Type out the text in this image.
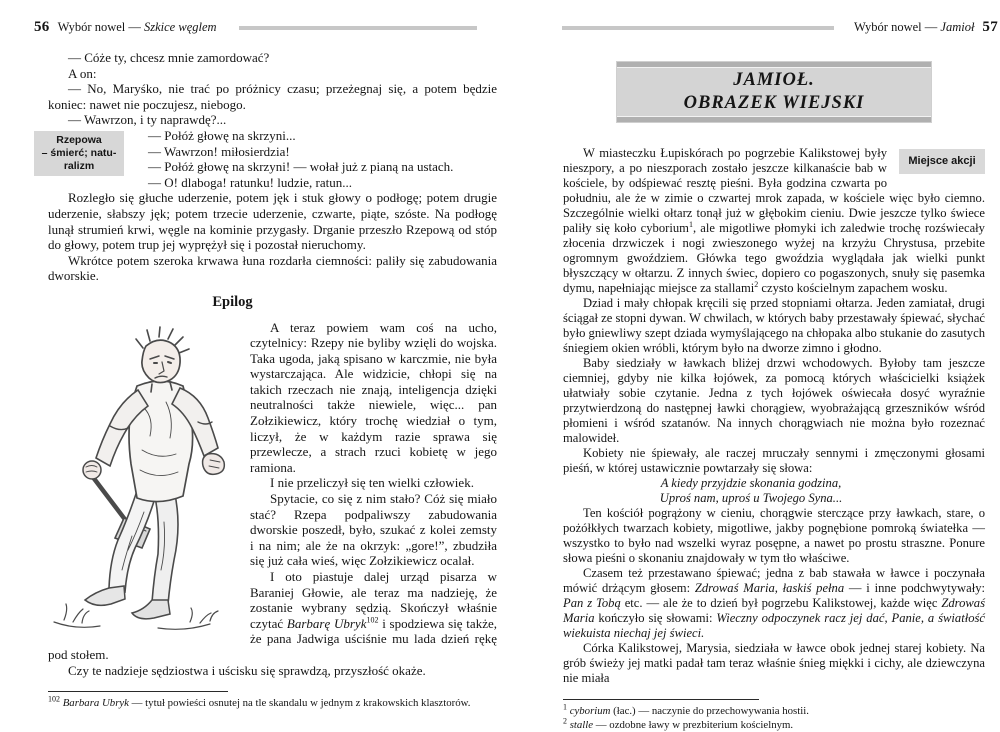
56 Wybór nowel — Szkice węglem
Rzepowa
– śmierć; natu-
ralizm

— Cóże ty, chcesz mnie zamordować?

A on:

— No, Maryśko, nie trać po próżnicy czasu; przeżegnaj się, a potem będzie koniec: nawet nie poczujesz, niebogo.

— Wawrzon, i ty naprawdę?...

— Połóż głowę na skrzyni...

— Wawrzon! miłosierdzia!

— Połóż głowę na skrzyni! — wołał już z pianą na ustach.

— O! dlaboga! ratunku! ludzie, ratun...

Rozległo się głuche uderzenie, potem jęk i stuk głowy o podłogę; potem drugie uderzenie, słabszy jęk; potem trzecie uderzenie, czwarte, piąte, szóste. Na podłogę lunął strumień krwi, węgle na kominie przygasły. Drganie przeszło Rzepową od stóp do głowy, potem trup jej wyprężył się i pozostał nieruchomy.

Wkrótce potem szeroka krwawa łuna rozdarła ciemności: paliły się zabudowania dworskie.

Epilog

A teraz powiem wam coś na ucho, czytelnicy: Rzepy nie byliby wzięli do wojska. Taka ugoda, jaką spisano w karczmie, nie była wystarczająca. Ale widzicie, chłopi się na takich rzeczach nie znają, inteligencja dzięki neutralności także niewiele, więc... pan Zołzikiewicz, który trochę wiedział o tym, liczył, że w każdym razie sprawa się przewlecze, a strach rzuci kobietę w jego ramiona.

I nie przeliczył się ten wielki człowiek.

Spytacie, co się z nim stało? Cóż się miało stać? Rzepa podpaliwszy zabudowania dworskie poszedł, było, szukać z kolei zemsty i na nim; ale że na okrzyk: „gore!”, zbudziła się już cała wieś, więc Zołzikiewicz ocalał.

I oto piastuje dalej urząd pisarza w Baraniej Głowie, ale teraz ma nadzieję, że zostanie wybrany sędzią. Skończył właśnie czytać Barbarę Ubryk$^{102}$ i spodziewa się także, że pana Jadwiga uściśnie mu lada dzień rękę pod stołem.

Czy te nadzieje sędziostwa i uścisku się sprawdzą, przyszłość okaże.

$^{102}$ Barbara Ubryk — tytuł powieści osnutej na tle skandalu w jednym z krakowskich klasztorów.

Wybór nowel — Jamioł 57
JAMIOŁ.
OBRAZEK WIEJSKI
Miejsce akcji

W miasteczku Łupiskórach po pogrzebie Kalikstowej były nieszpory, a po nieszporach zostało jeszcze kilkanaście bab w kościele, by odśpiewać resztę pieśni. Była godzina czwarta po południu, ale że w zimie o czwartej mrok zapada, w kościele więc było ciemno. Szczególnie wielki ołtarz tonął już w głębokim cieniu. Dwie jeszcze tylko świece paliły się koło cyborium$^1$, ale migotliwe płomyki ich zaledwie trochę rozświecały złocenia drzwiczek i nogi zwieszonego wyżej na krzyżu Chrystusa, przebite ogromnym gwoździem. Główka tego gwoździa wyglądała jak wielki punkt błyszczący w ołtarzu. Z innych świec, dopiero co pogaszonych, snuły się pasemka dymu, napełniając miejsce za stallami$^2$ czysto kościelnym zapachem wosku.

Dziad i mały chłopak kręcili się przed stopniami ołtarza. Jeden zamiatał, drugi ściągał ze stopni dywan. W chwilach, w których baby przestawały śpiewać, słychać było gniewliwy szept dziada wymyślającego na chłopaka albo stukanie do zasutych śniegiem okien wróbli, którym było na dworze zimno i głodno.

Baby siedziały w ławkach bliżej drzwi wchodowych. Byłoby tam jeszcze ciemniej, gdyby nie kilka łojówek, za pomocą których właścicielki książek ułatwiały sobie czytanie. Jedna z tych łojówek oświecała dosyć wyraźnie przytwierdzoną do następnej ławki chorągiew, wyobrażającą grzeszników wśród płomieni i wśród szatanów. Na innych chorągwiach nie można było rozeznać malowideł.

Kobiety nie śpiewały, ale raczej mruczały sennymi i zmęczonymi głosami pieśń, w której ustawicznie powtarzały się słowa:

A kiedy przyjdzie skonania godzina,
Uproś nam, uproś u Twojego Syna...

Ten kościół pogrążony w cieniu, chorągwie sterczące przy ławkach, stare, o pożółkłych twarzach kobiety, migotliwe, jakby pognębione pomroką światełka — wszystko to było nad wszelki wyraz posępne, a nawet po prostu straszne. Ponure słowa pieśni o skonaniu znajdowały w tym tło właściwe.

Czasem też przestawano śpiewać; jedna z bab stawała w ławce i poczynała mówić drżącym głosem: Zdrowaś Maria, łaskiś pełna — i inne podchwytywały: Pan z Tobą etc. — ale że to dzień był pogrzebu Kalikstowej, każde więc Zdrowaś Maria kończyło się słowami: Wieczny odpoczynek racz jej dać, Panie, a światłość wiekuista niechaj jej świeci.

Córka Kalikstowej, Marysia, siedziała w ławce obok jednej starej kobiety. Na grób świeży jej matki padał tam teraz właśnie śnieg miękki i cichy, ale dziewczyna nie miała

$^1$ cyborium (łac.) — naczynie do przechowywania hostii.

$^2$ stalle — ozdobne ławy w prezbiterium kościelnym.
